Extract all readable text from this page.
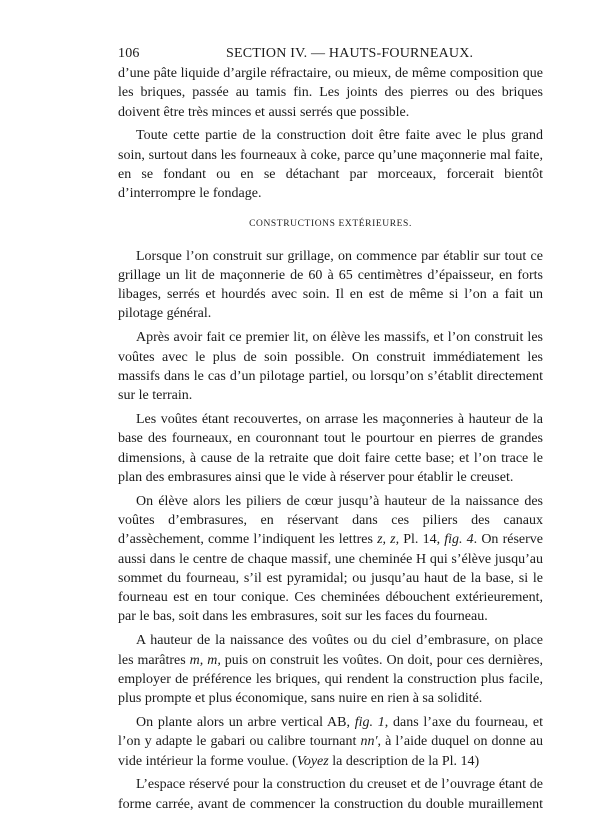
106	SECTION IV. — HAUTS-FOURNEAUX.

d’une pâte liquide d’argile réfractaire, ou mieux, de même composition que les briques, passée au tamis fin. Les joints des pierres ou des briques doivent être très minces et aussi serrés que possible.

Toute cette partie de la construction doit être faite avec le plus grand soin, surtout dans les fourneaux à coke, parce qu’une maçonnerie mal faite, en se fondant ou en se détachant par morceaux, forcerait bientôt d’interrompre le fondage.

CONSTRUCTIONS EXTÉRIEURES.

Lorsque l’on construit sur grillage, on commence par établir sur tout ce grillage un lit de maçonnerie de 60 à 65 centimètres d’épaisseur, en forts libages, serrés et hourdés avec soin. Il en est de même si l’on a fait un pilotage général.

Après avoir fait ce premier lit, on élève les massifs, et l’on construit les voûtes avec le plus de soin possible. On construit immédiatement les massifs dans le cas d’un pilotage partiel, ou lorsqu’on s’établit directement sur le terrain.

Les voûtes étant recouvertes, on arrase les maçonneries à hauteur de la base des fourneaux, en couronnant tout le pourtour en pierres de grandes dimensions, à cause de la retraite que doit faire cette base; et l’on trace le plan des embrasures ainsi que le vide à réserver pour établir le creuset.

On élève alors les piliers de cœur jusqu’à hauteur de la naissance des voûtes d’embrasures, en réservant dans ces piliers des canaux d’assèchement, comme l’indiquent les lettres z, z, Pl. 14, fig. 4. On réserve aussi dans le centre de chaque massif, une cheminée H qui s’élève jusqu’au sommet du fourneau, s’il est pyramidal; ou jusqu’au haut de la base, si le fourneau est en tour conique. Ces cheminées débouchent extérieurement, par le bas, soit dans les embrasures, soit sur les faces du fourneau.

A hauteur de la naissance des voûtes ou du ciel d’embrasure, on place les marâtres m, m, puis on construit les voûtes. On doit, pour ces dernières, employer de préférence les briques, qui rendent la construction plus facile, plus prompte et plus économique, sans nuire en rien à sa solidité.

On plante alors un arbre vertical AB, fig. 1, dans l’axe du fourneau, et l’on y adapte le gabari ou calibre tournant nn′, à l’aide duquel on donne au vide intérieur la forme voulue. (Voyez la description de la Pl. 14)

L’espace réservé pour la construction du creuset et de l’ouvrage étant de forme carrée, avant de commencer la construction du double muraillement
